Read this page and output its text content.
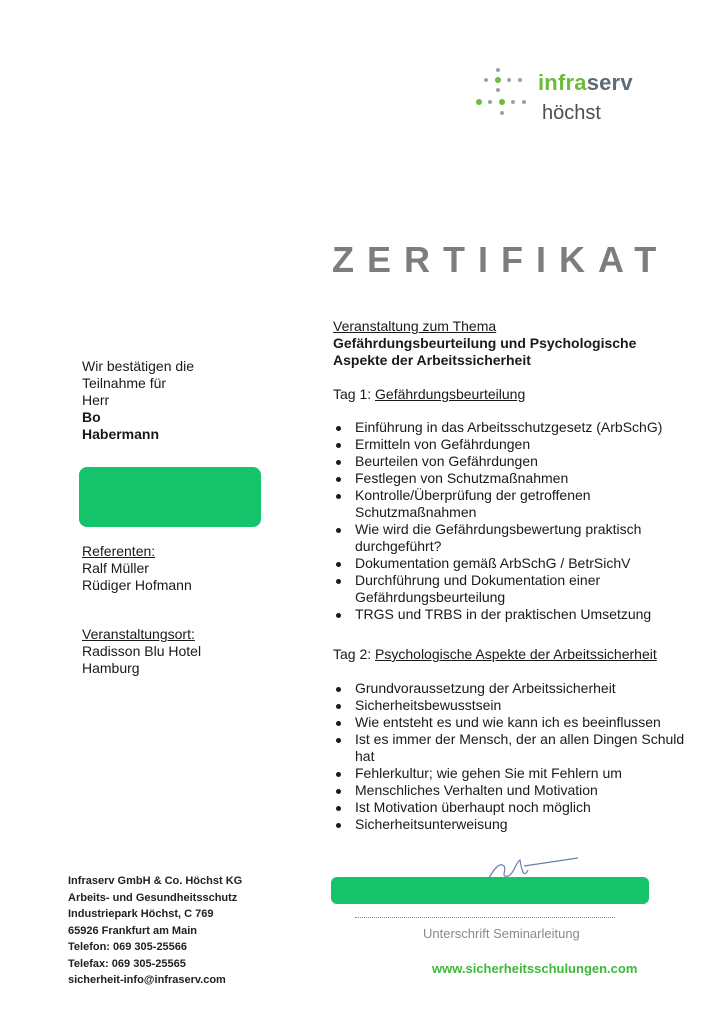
infraserv
höchst
ZERTIFIKAT
Wir bestätigen die
Teilnahme für
Herr
Bo
Habermann
Referenten:
Ralf Müller
Rüdiger Hofmann
Veranstaltungsort:
Radisson Blu Hotel
Hamburg
Veranstaltung zum Thema
Gefährdungsbeurteilung und Psychologische
Aspekte der Arbeitssicherheit
Tag 1: Gefährdungsbeurteilung
Einführung in das Arbeitsschutzgesetz (ArbSchG)
Ermitteln von Gefährdungen
Beurteilen von Gefährdungen
Festlegen von Schutzmaßnahmen
Kontrolle/Überprüfung der getroffenen Schutzmaßnahmen
Wie wird die Gefährdungsbewertung praktisch durchgeführt?
Dokumentation gemäß ArbSchG / BetrSichV
Durchführung und Dokumentation einer Gefährdungsbeurteilung
TRGS und TRBS in der praktischen Umsetzung
Tag 2: Psychologische Aspekte der Arbeitssicherheit
Grundvoraussetzung der Arbeitssicherheit
Sicherheitsbewusstsein
Wie entsteht es und wie kann ich es beeinflussen
Ist es immer der Mensch, der an allen Dingen Schuld hat
Fehlerkultur; wie gehen Sie mit Fehlern um
Menschliches Verhalten und Motivation
Ist Motivation überhaupt noch möglich
Sicherheitsunterweisung
Infraserv GmbH & Co. Höchst KG
Arbeits- und Gesundheitsschutz
Industriepark Höchst, C 769
65926 Frankfurt am Main
Telefon: 069 305-25566
Telefax: 069 305-25565
sicherheit-info@infraserv.com
Unterschrift Seminarleitung
www.sicherheitsschulungen.com
